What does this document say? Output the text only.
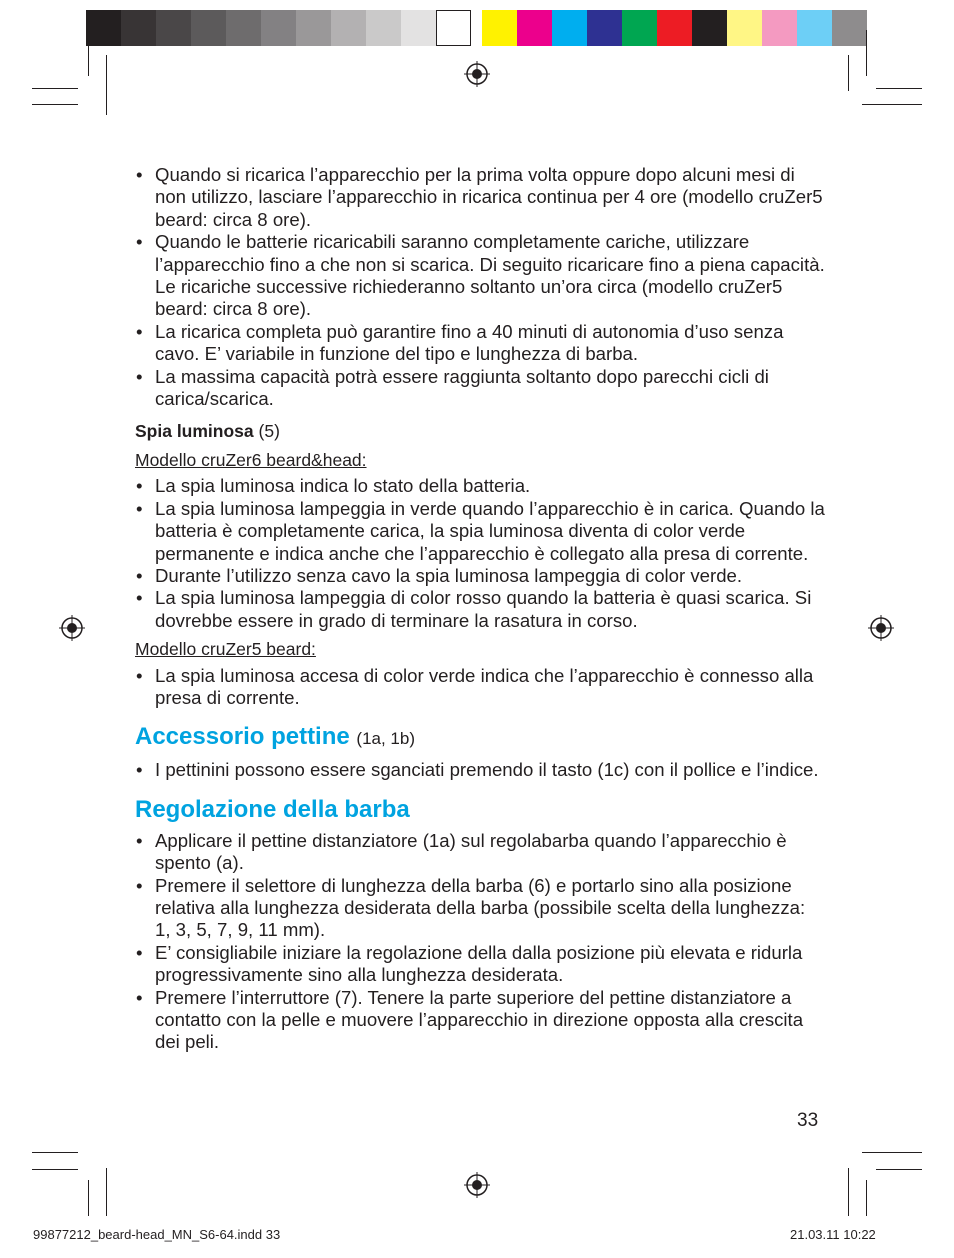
• Quando si ricarica l’apparecchio per la prima volta oppure dopo alcuni mesi di non utilizzo, lasciare l’apparecchio in ricarica continua per 4 ore (modello cruZer5 beard: circa 8 ore).
• Quando le batterie ricaricabili saranno completamente cariche, utilizzare l’apparecchio fino a che non si scarica. Di seguito ricaricare fino a piena capacità. Le ricariche successive richiederanno soltanto un’ora circa (modello cruZer5 beard: circa 8 ore).
• La ricarica completa può garantire fino a 40 minuti di autonomia d’uso senza cavo. E’ variabile in funzione del tipo e lunghezza di barba.
• La massima capacità potrà essere raggiunta soltanto dopo parecchi cicli di carica/scarica.

Spia luminosa (5)

Modello cruZer6 beard&head:

• La spia luminosa indica lo stato della batteria.
• La spia luminosa lampeggia in verde quando l’apparecchio è in carica. Quando la batteria è completamente carica, la spia luminosa diventa di color verde permanente e indica anche che l’apparecchio è collegato alla presa di corrente.
• Durante l’utilizzo senza cavo la spia luminosa lampeggia di color verde.
• La spia luminosa lampeggia di color rosso quando la batteria è quasi scarica. Si dovrebbe essere in grado di terminare la rasatura in corso.

Modello cruZer5 beard:

• La spia luminosa accesa di color verde indica che l’apparecchio è connesso alla presa di corrente.
Accessorio pettine (1a, 1b)
• I pettinini possono essere sganciati premendo il tasto (1c) con il pollice e l’indice.
Regolazione della barba
• Applicare il pettine distanziatore (1a) sul regolabarba quando l’apparecchio è spento (a).
• Premere il selettore di lunghezza della barba (6) e portarlo sino alla posizione relativa alla lunghezza desiderata della barba (possibile scelta della lunghezza: 1, 3, 5, 7, 9, 11 mm).
• E’ consigliabile iniziare la regolazione della dalla posizione più elevata e ridurla progressivamente sino alla lunghezza desiderata.
• Premere l’interruttore (7). Tenere la parte superiore del pettine distanziatore a contatto con la pelle e muovere l’apparecchio in direzione opposta alla crescita dei peli.
33
99877212_beard-head_MN_S6-64.indd 33	21.03.11 10:22
